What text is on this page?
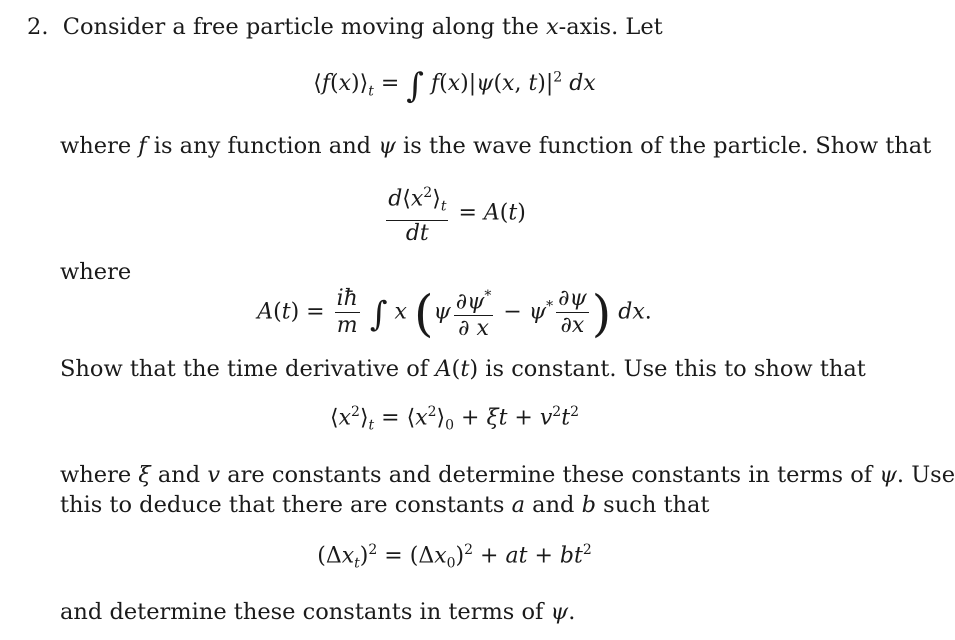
2.  Consider a free particle moving along the x-axis. Let
$⟨f(x)⟩_t$ = ∫ f(x)|ψ(x, $t)|^2$ dx
where f is any function and ψ is the wave function of the particle. Show that
$\frac{d⟨x^2⟩_t}{dt} = A(t)$
where
$A(t) = \frac{iħ}{m}$ ∫ x ($\psi \frac{\partial\psi^*}{\partial x} - \psi^* \frac{\partial\psi}{\partial x}$ ) dx.
Show that the time derivative of A(t) is constant. Use this to show that
$⟨x^2⟩_t$ = $⟨x^2⟩_0 + \xi t + v^2t^2$

where ξ and v are constants and determine these constants in terms of ψ. Use

this to deduce that there are constants a and b such that

$(\Delta x_t)^2 = (\Delta x_0)^2$ + at + $bt^2$
and determine these constants in terms of ψ.
